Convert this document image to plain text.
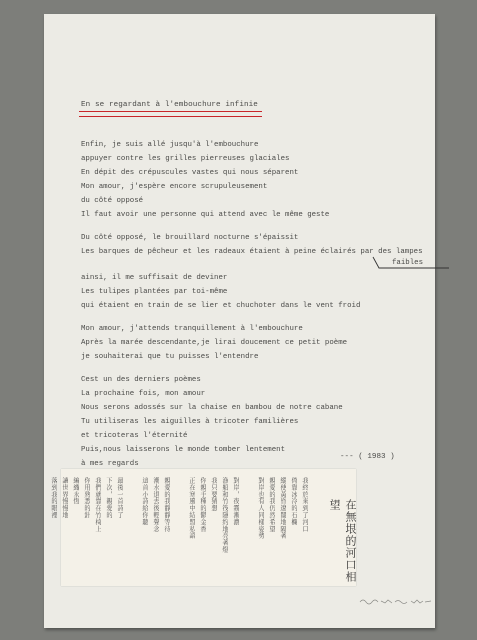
En se regardant à l'embouchure infinie
Enfin, je suis allé jusqu'à l'embouchure
appuyer contre les grilles pierreuses glaciales
En dépit des crépuscules vastes qui nous séparent
Mon amour, j'espère encore scrupuleusement
du côté opposé
Il faut avoir une personne qui attend avec le même geste
Du côté opposé, le brouillard nocturne s'épaissit
Les barques de pêcheur et les radeaux étaient à peine éclairés par des lampes
ainsi, il me suffisait de deviner
Les tulipes plantées par toi-même
qui étaient en train de se lier et chuchoter dans le vent froid
Mon amour, j'attends tranquillement à l'embouchure
Après la marée descendante,je lirai doucement ce petit poème
je souhaiterai que tu puisses l'entendre
Cest un des derniers poèmes
La prochaine fois, mon amour
Nous serons adossés sur la chaise en bambou de notre cabane
Tu utiliseras les aiguilles à tricoter familières
et tricoteras l'éternité
Puis,nous laisserons le monde tomber lentement
à mes regards
faibles
--- ( 1983 )
在無垠的河口相望
我終於來到了河口
倚靠冰冷的石欄
縱使黃昏遼闊地隔著
親愛的我仍然希望
對岸也有人同樣姿勢
對岸，夜霧漸濃
漁船和竹筏隱約地亮著燈
我只要猜想
你親手種的鬱金香
正在寒風中結盟私語
親愛的我靜靜等待
潮水退去後輕聲念
這首小詩給你聽
最後一首詩了
下次，親愛的
我們就靠在竹椅上
你用熟悉的針
編織永恆
讓世界慢慢地
落到我的眼裡
